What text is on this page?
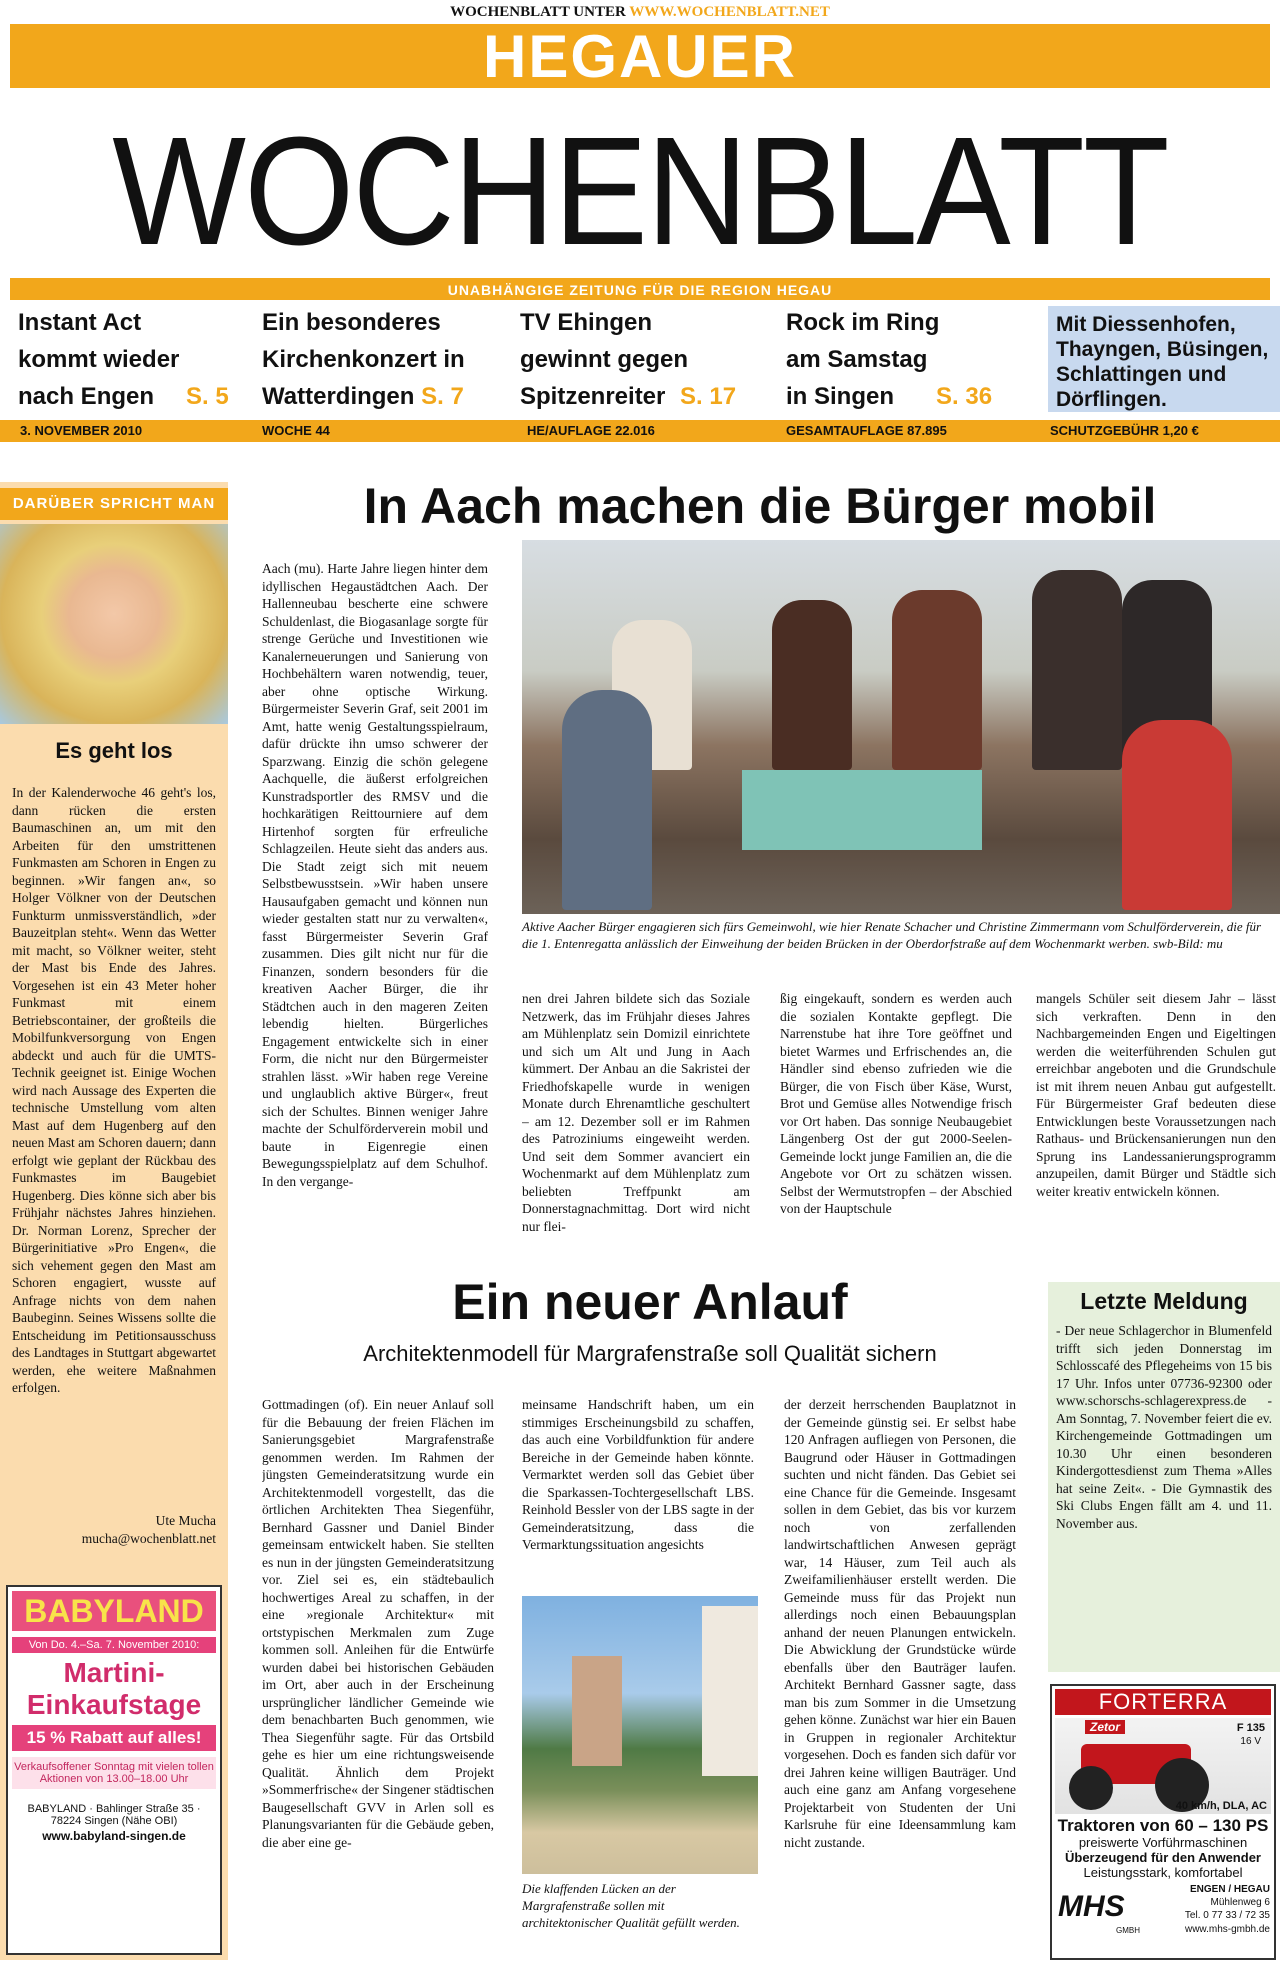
WOCHENBLATT UNTER WWW.WOCHENBLATT.NET
HEGAUER
WOCHENBLATT
UNABHÄNGIGE ZEITUNG FÜR DIE REGION HEGAU
Instant Act
kommt wieder
nach Engen S. 5
Ein besonderes
Kirchenkonzert in
Watterdingen S. 7
TV Ehingen
gewinnt gegen
Spitzenreiter S. 17
Rock im Ring
am Samstag
in Singen S. 36
Mit Diessenhofen, Thayngen, Büsingen, Schlattingen und Dörflingen.
3. NOVEMBER 2010	WOCHE 44	HE/AUFLAGE 22.016	GESAMTAUFLAGE 87.895	SCHUTZGEBÜHR 1,20 €
DARÜBER SPRICHT MAN
Es geht los
In der Kalenderwoche 46 geht's los, dann rücken die ersten Baumaschinen an, um mit den Arbeiten für den umstrittenen Funkmasten am Schoren in Engen zu beginnen. »Wir fangen an«, so Holger Völkner von der Deutschen Funkturm unmissverständlich, »der Bauzeitplan steht«. Wenn das Wetter mit macht, so Völkner weiter, steht der Mast bis Ende des Jahres. Vorgesehen ist ein 43 Meter hoher Funkmast mit einem Betriebscontainer, der großteils die Mobilfunkversorgung von Engen abdeckt und auch für die UMTS-Technik geeignet ist. Einige Wochen wird nach Aussage des Experten die technische Umstellung vom alten Mast auf dem Hugenberg auf den neuen Mast am Schoren dauern; dann erfolgt wie geplant der Rückbau des Funkmastes im Baugebiet Hugenberg. Dies könne sich aber bis Frühjahr nächstes Jahres hinziehen. Dr. Norman Lorenz, Sprecher der Bürgerinitiative »Pro Engen«, die sich vehement gegen den Mast am Schoren engagiert, wusste auf Anfrage nichts von dem nahen Baubeginn. Seines Wissens sollte die Entscheidung im Petitionsausschuss des Landtages in Stuttgart abgewartet werden, ehe weitere Maßnahmen erfolgen.
Ute Mucha
mucha@wochenblatt.net
BABYLAND
Von Do. 4.–Sa. 7. November 2010:
Martini-Einkaufstage
15 % Rabatt auf alles!
Verkaufsoffener Sonntag mit vielen tollen Aktionen von 13.00–18.00 Uhr
BABYLAND · Bahlinger Straße 35 · 78224 Singen (Nähe OBI)
www.babyland-singen.de
In Aach machen die Bürger mobil
Aach (mu). Harte Jahre liegen hinter dem idyllischen Hegaustädtchen Aach. Der Hallenneubau bescherte eine schwere Schuldenlast, die Biogasanlage sorgte für strenge Gerüche und Investitionen wie Kanalerneuerungen und Sanierung von Hochbehältern waren notwendig, teuer, aber ohne optische Wirkung. Bürgermeister Severin Graf, seit 2001 im Amt, hatte wenig Gestaltungsspielraum, dafür drückte ihn umso schwerer der Sparzwang. Einzig die schön gelegene Aachquelle, die äußerst erfolgreichen Kunstradsportler des RMSV und die hochkarätigen Reittourniere auf dem Hirtenhof sorgten für erfreuliche Schlagzeilen. Heute sieht das anders aus. Die Stadt zeigt sich mit neuem Selbstbewusstsein. »Wir haben unsere Hausaufgaben gemacht und können nun wieder gestalten statt nur zu verwalten«, fasst Bürgermeister Severin Graf zusammen. Dies gilt nicht nur für die Finanzen, sondern besonders für die kreativen Aacher Bürger, die ihr Städtchen auch in den mageren Zeiten lebendig hielten. Bürgerliches Engagement entwickelte sich in einer Form, die nicht nur den Bürgermeister strahlen lässt. »Wir haben rege Vereine und unglaublich aktive Bürger«, freut sich der Schultes. Binnen weniger Jahre machte der Schulförderverein mobil und baute in Eigenregie einen Bewegungsspielplatz auf dem Schulhof. In den vergange-
Aktive Aacher Bürger engagieren sich fürs Gemeinwohl, wie hier Renate Schacher und Christine Zimmermann vom Schulförderverein, die für die 1. Entenregatta anlässlich der Einweihung der beiden Brücken in der Oberdorfstraße auf dem Wochenmarkt werben. swb-Bild: mu
nen drei Jahren bildete sich das Soziale Netzwerk, das im Frühjahr dieses Jahres am Mühlenplatz sein Domizil einrichtete und sich um Alt und Jung in Aach kümmert. Der Anbau an die Sakristei der Friedhofskapelle wurde in wenigen Monate durch Ehrenamtliche geschultert – am 12. Dezember soll er im Rahmen des Patroziniums eingeweiht werden. Und seit dem Sommer avanciert ein Wochenmarkt auf dem Mühlenplatz zum beliebten Treffpunkt am Donnerstagnachmittag. Dort wird nicht nur flei-
ßig eingekauft, sondern es werden auch die sozialen Kontakte gepflegt. Die Narrenstube hat ihre Tore geöffnet und bietet Warmes und Erfrischendes an, die Händler sind ebenso zufrieden wie die Bürger, die von Fisch über Käse, Wurst, Brot und Gemüse alles Notwendige frisch vor Ort haben. Das sonnige Neubaugebiet Längenberg Ost der gut 2000-Seelen-Gemeinde lockt junge Familien an, die die Angebote vor Ort zu schätzen wissen. Selbst der Wermutstropfen – der Abschied von der Hauptschule
mangels Schüler seit diesem Jahr – lässt sich verkraften. Denn in den Nachbargemeinden Engen und Eigeltingen werden die weiterführenden Schulen gut erreichbar angeboten und die Grundschule ist mit ihrem neuen Anbau gut aufgestellt. Für Bürgermeister Graf bedeuten diese Entwicklungen beste Voraussetzungen nach Rathaus- und Brückensanierungen nun den Sprung ins Landessanierungsprogramm anzupeilen, damit Bürger und Städtle sich weiter kreativ entwickeln können.
Ein neuer Anlauf
Architektenmodell für Margrafenstraße soll Qualität sichern
Gottmadingen (of). Ein neuer Anlauf soll für die Bebauung der freien Flächen im Sanierungsgebiet Margrafenstraße genommen werden. Im Rahmen der jüngsten Gemeinderatsitzung wurde ein Architektenmodell vorgestellt, das die örtlichen Architekten Thea Siegenführ, Bernhard Gassner und Daniel Binder gemeinsam entwickelt haben. Sie stellten es nun in der jüngsten Gemeinderatsitzung vor. Ziel sei es, ein städtebaulich hochwertiges Areal zu schaffen, in der eine »regionale Architektur« mit ortstypischen Merkmalen zum Zuge kommen soll. Anleihen für die Entwürfe wurden dabei bei historischen Gebäuden im Ort, aber auch in der Erscheinung ursprünglicher ländlicher Gemeinde wie dem benachbarten Buch genommen, wie Thea Siegenführ sagte. Für das Ortsbild gehe es hier um eine richtungsweisende Qualität. Ähnlich dem Projekt »Sommerfrische« der Singener städtischen Baugesellschaft GVV in Arlen soll es Planungsvarianten für die Gebäude geben, die aber eine ge-
meinsame Handschrift haben, um ein stimmiges Erscheinungsbild zu schaffen, das auch eine Vorbildfunktion für andere Bereiche in der Gemeinde haben könnte. Vermarktet werden soll das Gebiet über die Sparkassen-Tochtergesellschaft LBS. Reinhold Bessler von der LBS sagte in der Gemeinderatsitzung, dass die Vermarktungssituation angesichts
Die klaffenden Lücken an der Margrafenstraße sollen mit architektonischer Qualität gefüllt werden.
der derzeit herrschenden Bauplatznot in der Gemeinde günstig sei. Er selbst habe 120 Anfragen aufliegen von Personen, die Baugrund oder Häuser in Gottmadingen suchten und nicht fänden. Das Gebiet sei eine Chance für die Gemeinde. Insgesamt sollen in dem Gebiet, das bis vor kurzem noch von zerfallenden landwirtschaftlichen Anwesen geprägt war, 14 Häuser, zum Teil auch als Zweifamilienhäuser erstellt werden. Die Gemeinde muss für das Projekt nun allerdings noch einen Bebauungsplan anhand der neuen Planungen entwickeln. Die Abwicklung der Grundstücke würde ebenfalls über den Bauträger laufen. Architekt Bernhard Gassner sagte, dass man bis zum Sommer in die Umsetzung gehen könne. Zunächst war hier ein Bauen in Gruppen in regionaler Architektur vorgesehen. Doch es fanden sich dafür vor drei Jahren keine willigen Bauträger. Und auch eine ganz am Anfang vorgesehene Projektarbeit von Studenten der Uni Karlsruhe für eine Ideensammlung kam nicht zustande.
Letzte Meldung
- Der neue Schlagerchor in Blumenfeld trifft sich jeden Donnerstag im Schlosscafé des Pflegeheims von 15 bis 17 Uhr. Infos unter 07736-92300 oder www.schorschs-schlagerexpress.de - Am Sonntag, 7. November feiert die ev. Kirchengemeinde Gottmadingen um 10.30 Uhr einen besonderen Kindergottesdienst zum Thema »Alles hat seine Zeit«. - Die Gymnastik des Ski Clubs Engen fällt am 4. und 11. November aus.
FORTERRA
Zetor	F 135
16 V
40 km/h, DLA, AC
Traktoren von 60 – 130 PS
preiswerte Vorführmaschinen
Überzeugend für den Anwender
Leistungsstark, komfortabel
MHS
GMBH
ENGEN / HEGAU
Mühlenweg 6
Tel. 0 77 33 / 72 35
www.mhs-gmbh.de
